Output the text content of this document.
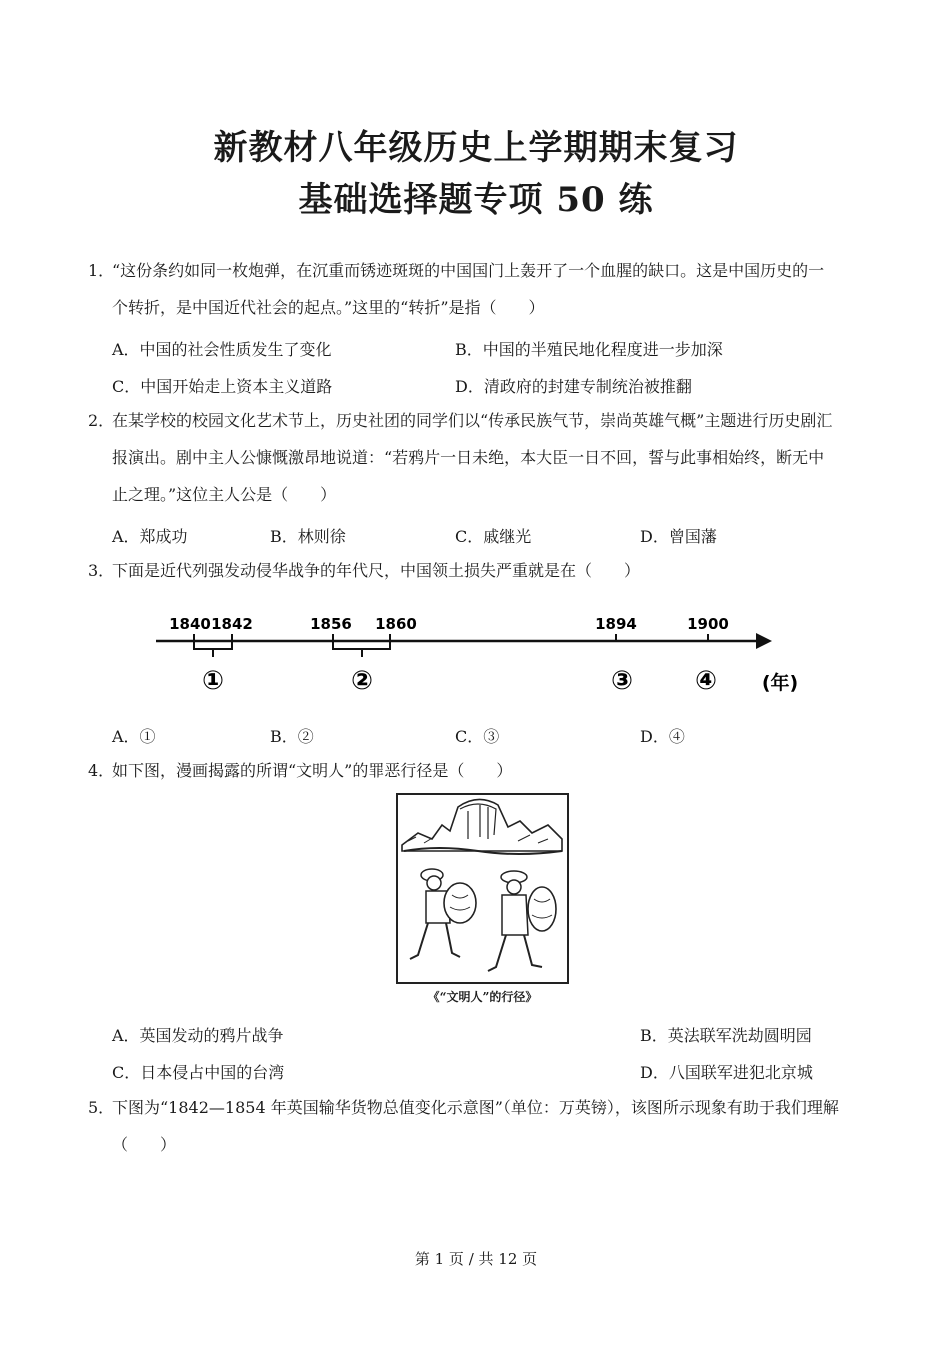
新教材八年级历史上学期期末复习
基础选择题专项 50 练
1．
“这份条约如同一枚炮弹，在沉重而锈迹斑斑的中国国门上轰开了一个血腥的缺口。这是中国历史的一
个转折，是中国近代社会的起点。”这里的“转折”是指（　　）
A．中国的社会性质发生了变化	B．中国的半殖民地化程度进一步加深
C．中国开始走上资本主义道路	D．清政府的封建专制统治被推翻
2．
在某学校的校园文化艺术节上，历史社团的同学们以“传承民族气节，崇尚英雄气概”主题进行历史剧汇
报演出。剧中主人公慷慨激昂地说道：“若鸦片一日未绝，本大臣一日不回，誓与此事相始终，断无中
止之理。”这位主人公是（　　）
A．郑成功	B．林则徐	C．戚继光	D．曾国藩
3．
下面是近代列强发动侵华战争的年代尺，中国领土损失严重就是在（　　）
1840 1842	1856 1860	1894	1900
①	②	③ ④ (年)
A．①	B．②	C．③	D．④
4．
如下图，漫画揭露的所谓“文明人”的罪恶行径是（　　）
《“文明人”的行径》
A．英国发动的鸦片战争	B．英法联军洗劫圆明园
C．日本侵占中国的台湾	D．八国联军进犯北京城
5．
下图为“1842—1854 年英国输华货物总值变化示意图”（单位：万英镑），该图所示现象有助于我们理解
（　　）
第 1 页 / 共 12 页
